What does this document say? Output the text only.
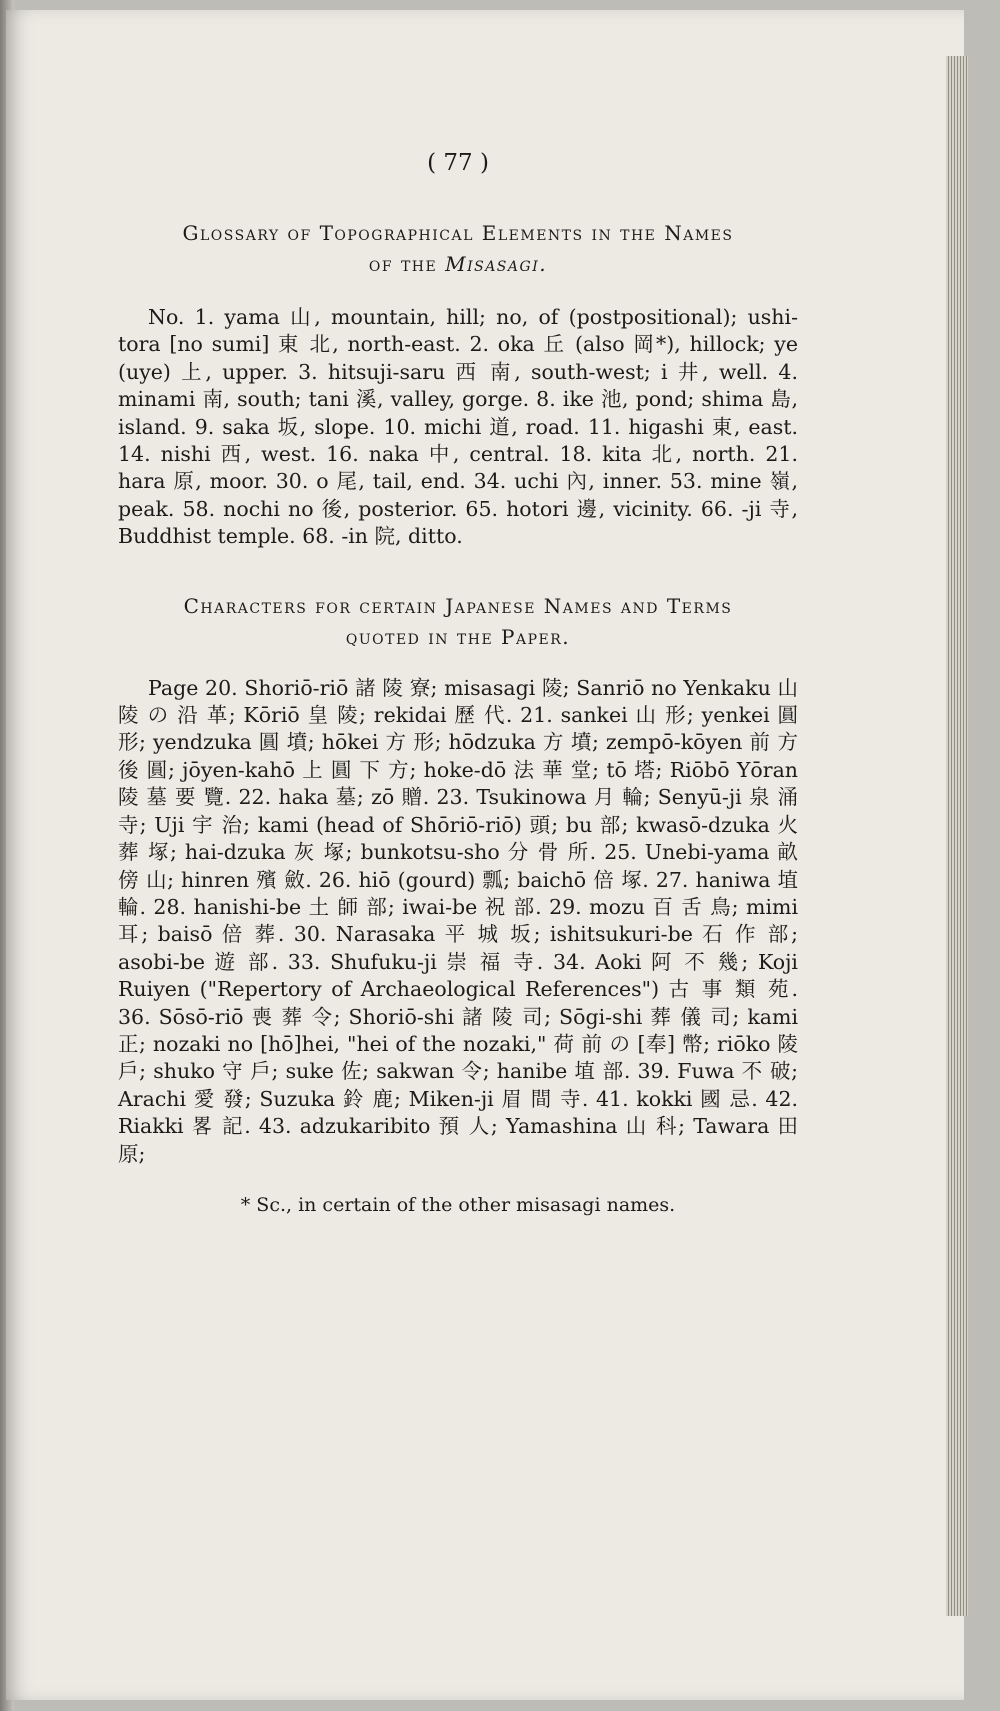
( 77 )
Glossary of Topographical Elements in the Names
of the Misasagi.

No. 1. yama 山, mountain, hill; no, of (postpositional); ushi-tora [no sumi] 東 北, north-east. 2. oka 丘 (also 岡*), hillock; ye (uye) 上, upper. 3. hitsuji-saru 西 南, south-west; i 井, well. 4. minami 南, south; tani 溪, valley, gorge. 8. ike 池, pond; shima 島, island. 9. saka 坂, slope. 10. michi 道, road. 11. higashi 東, east. 14. nishi 西, west. 16. naka 中, central. 18. kita 北, north. 21. hara 原, moor. 30. o 尾, tail, end. 34. uchi 內, inner. 53. mine 嶺, peak. 58. nochi no 後, posterior. 65. hotori 邊, vicinity. 66. -ji 寺, Buddhist temple. 68. -in 院, ditto.

Characters for certain Japanese Names and Terms
quoted in the Paper.

Page 20. Shoriō-riō 諸 陵 寮; misasagi 陵; Sanriō no Yenkaku 山 陵 の 沿 革; Kōriō 皇 陵; rekidai 歷 代. 21. sankei 山 形; yenkei 圓 形; yendzuka 圓 墳; hōkei 方 形; hōdzuka 方 墳; zempō-kōyen 前 方 後 圓; jōyen-kahō 上 圓 下 方; hoke-dō 法 華 堂; tō 塔; Riōbō Yōran 陵 墓 要 覽. 22. haka 墓; zō 贈. 23. Tsukinowa 月 輪; Senyū-ji 泉 涌 寺; Uji 宇 治; kami (head of Shōriō-riō) 頭; bu 部; kwasō-dzuka 火 葬 塚; hai-dzuka 灰 塚; bunkotsu-sho 分 骨 所. 25. Unebi-yama 畝 傍 山; hinren 殯 斂. 26. hiō (gourd) 瓢; baichō 倍 塚. 27. haniwa 埴 輪. 28. hanishi-be 土 師 部; iwai-be 祝 部. 29. mozu 百 舌 鳥; mimi 耳; baisō 倍 葬. 30. Narasaka 平 城 坂; ishitsukuri-be 石 作 部; asobi-be 遊 部. 33. Shufuku-ji 崇 福 寺. 34. Aoki 阿 不 幾; Koji Ruiyen ("Repertory of Archaeological References") 古 事 類 苑. 36. Sōsō-riō 喪 葬 令; Shoriō-shi 諸 陵 司; Sōgi-shi 葬 儀 司; kami 正; nozaki no [hō]hei, "hei of the nozaki," 荷 前 の [奉] 幣; riōko 陵 戶; shuko 守 戶; suke 佐; sakwan 令; hanibe 埴 部. 39. Fuwa 不 破; Arachi 愛 發; Suzuka 鈴 鹿; Miken-ji 眉 間 寺. 41. kokki 國 忌. 42. Riakki 畧 記. 43. adzukaribito 預 人; Yamashina 山 科; Tawara 田 原;

* Sc., in certain of the other misasagi names.
